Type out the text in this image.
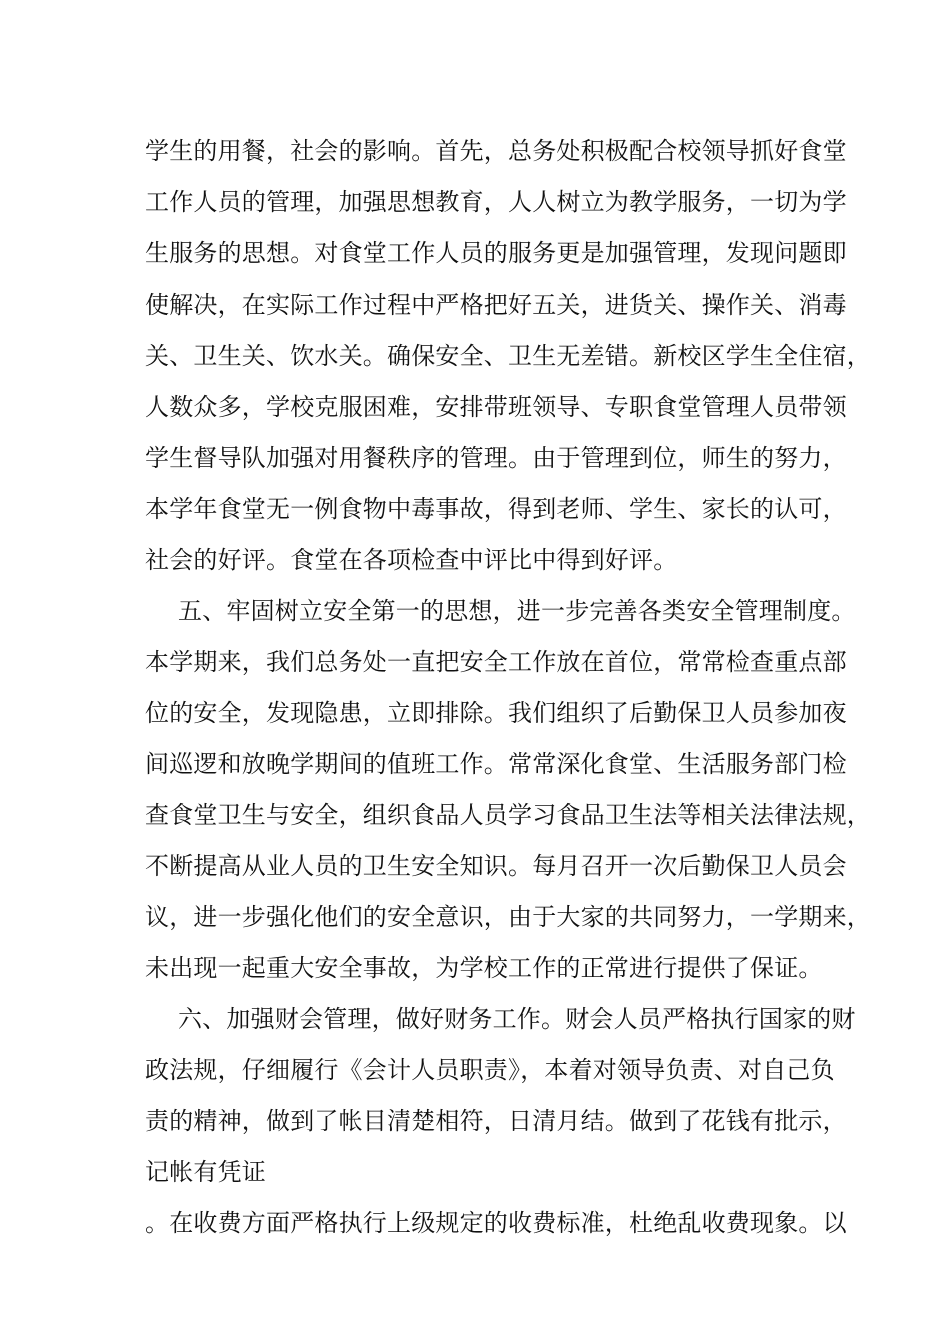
学生的用餐，社会的影响。首先，总务处积极配合校领导抓好食堂
工作人员的管理，加强思想教育，人人树立为教学服务，一切为学
生服务的思想。对食堂工作人员的服务更是加强管理，发现问题即
使解决，在实际工作过程中严格把好五关，进货关、操作关、消毒
关、卫生关、饮水关。确保安全、卫生无差错。新校区学生全住宿，
人数众多，学校克服困难，安排带班领导、专职食堂管理人员带领
学生督导队加强对用餐秩序的管理。由于管理到位，师生的努力，
本学年食堂无一例食物中毒事故，得到老师、学生、家长的认可，
社会的好评。食堂在各项检查中评比中得到好评。
五、牢固树立安全第一的思想，进一步完善各类安全管理制度。
本学期来，我们总务处一直把安全工作放在首位，常常检查重点部
位的安全，发现隐患，立即排除。我们组织了后勤保卫人员参加夜
间巡逻和放晚学期间的值班工作。常常深化食堂、生活服务部门检
查食堂卫生与安全，组织食品人员学习食品卫生法等相关法律法规，
不断提高从业人员的卫生安全知识。每月召开一次后勤保卫人员会
议，进一步强化他们的安全意识，由于大家的共同努力，一学期来，
未出现一起重大安全事故，为学校工作的正常进行提供了保证。
六、加强财会管理，做好财务工作。财会人员严格执行国家的财
政法规，仔细履行《会计人员职责》，本着对领导负责、对自己负
责的精神，做到了帐目清楚相符，日清月结。做到了花钱有批示，
记帐有凭证
。在收费方面严格执行上级规定的收费标准，杜绝乱收费现象。以
